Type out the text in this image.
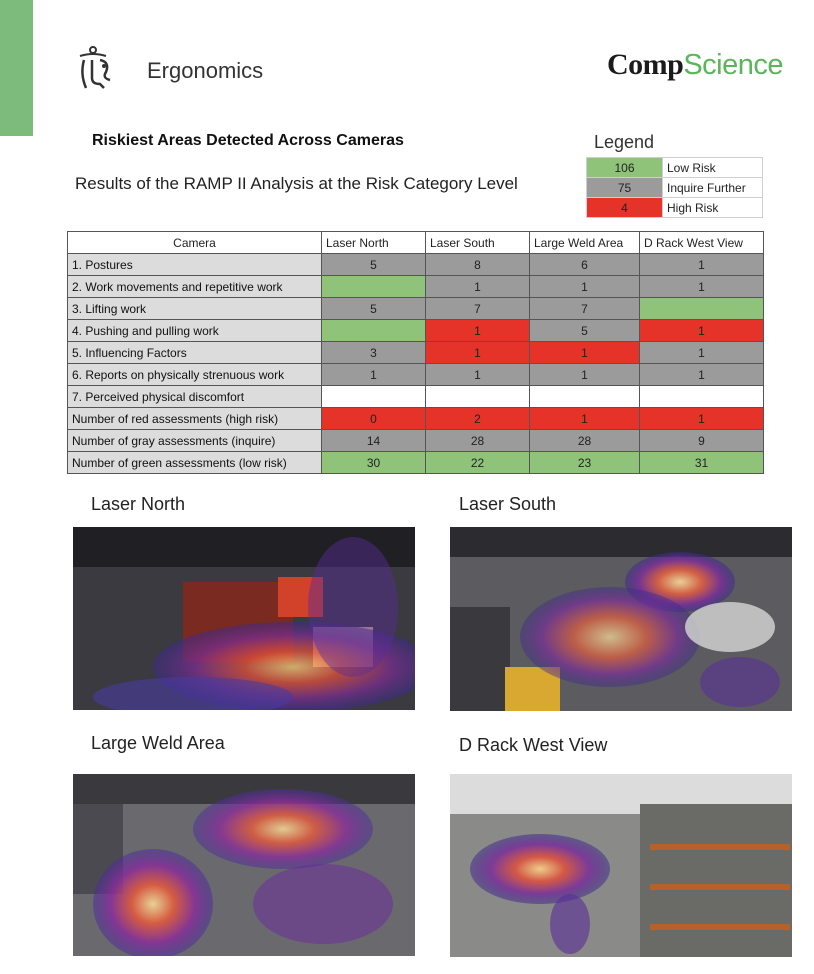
Ergonomics	CompScience
Riskiest Areas Detected Across Cameras
Results of the RAMP II Analysis at the Risk Category Level
Legend
106	Low Risk
75	Inquire Further
4	High Risk
Camera	Laser North	Laser South	Large Weld Area	D Rack West View
1. Postures	5	8	6	1
2. Work movements and repetitive work		1	1	1
3. Lifting work	5	7	7	
4. Pushing and pulling work		1	5	1
5. Influencing Factors	3	1	1	1
6. Reports on physically strenuous work	1	1	1	1
7. Perceived physical discomfort				
Number of red assessments (high risk)	0	2	1	1
Number of gray assessments (inquire)	14	28	28	9
Number of green assessments (low risk)	30	22	23	31
Laser North	Laser South
Large Weld Area	D Rack West View
